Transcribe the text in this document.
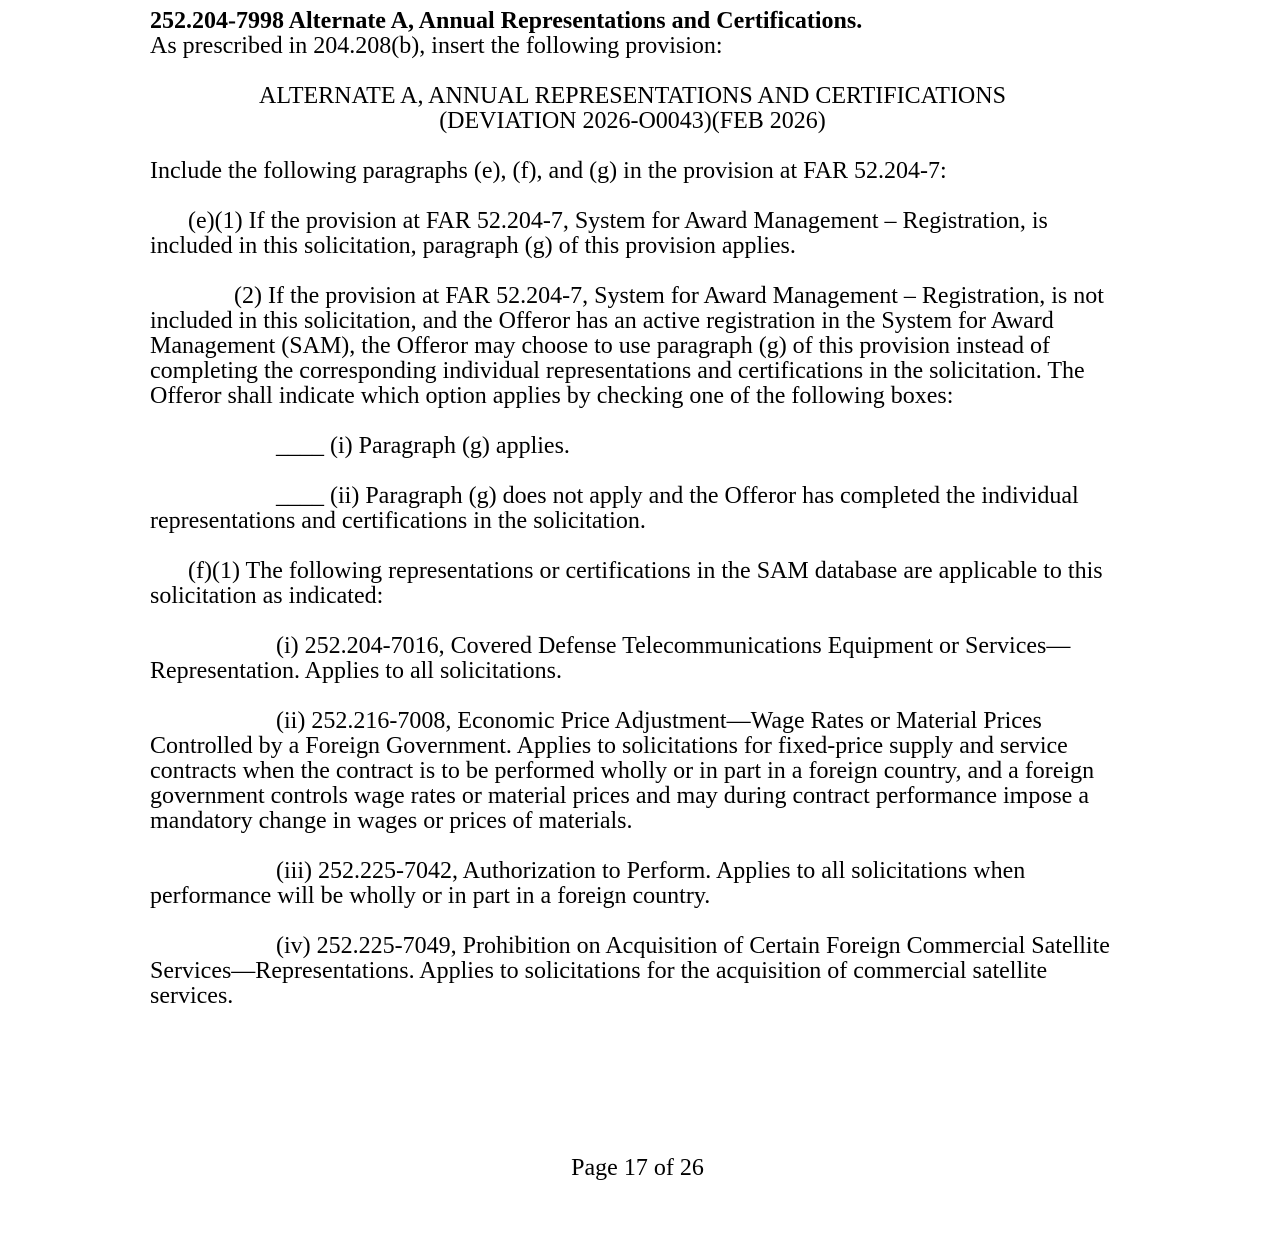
252.204-7998 Alternate A, Annual Representations and Certifications.

As prescribed in 204.208(b), insert the following provision:

ALTERNATE A, ANNUAL REPRESENTATIONS AND CERTIFICATIONS

(DEVIATION 2026-O0043)(FEB 2026)

Include the following paragraphs (e), (f), and (g) in the provision at FAR 52.204-7:

(e)(1) If the provision at FAR 52.204-7, System for Award Management – Registration, is included in this solicitation, paragraph (g) of this provision applies.

(2) If the provision at FAR 52.204-7, System for Award Management – Registration, is not included in this solicitation, and the Offeror has an active registration in the System for Award Management (SAM), the Offeror may choose to use paragraph (g) of this provision instead of completing the corresponding individual representations and certifications in the solicitation. The Offeror shall indicate which option applies by checking one of the following boxes:

____ (i) Paragraph (g) applies.

____ (ii) Paragraph (g) does not apply and the Offeror has completed the individual representations and certifications in the solicitation.

(f)(1) The following representations or certifications in the SAM database are applicable to this solicitation as indicated:

(i) 252.204-7016, Covered Defense Telecommunications Equipment or Services—Representation. Applies to all solicitations.

(ii) 252.216-7008, Economic Price Adjustment—Wage Rates or Material Prices Controlled by a Foreign Government. Applies to solicitations for fixed-price supply and service contracts when the contract is to be performed wholly or in part in a foreign country, and a foreign government controls wage rates or material prices and may during contract performance impose a mandatory change in wages or prices of materials.

(iii) 252.225-7042, Authorization to Perform. Applies to all solicitations when performance will be wholly or in part in a foreign country.

(iv) 252.225-7049, Prohibition on Acquisition of Certain Foreign Commercial Satellite Services—Representations. Applies to solicitations for the acquisition of commercial satellite services.

Page 17 of 26
